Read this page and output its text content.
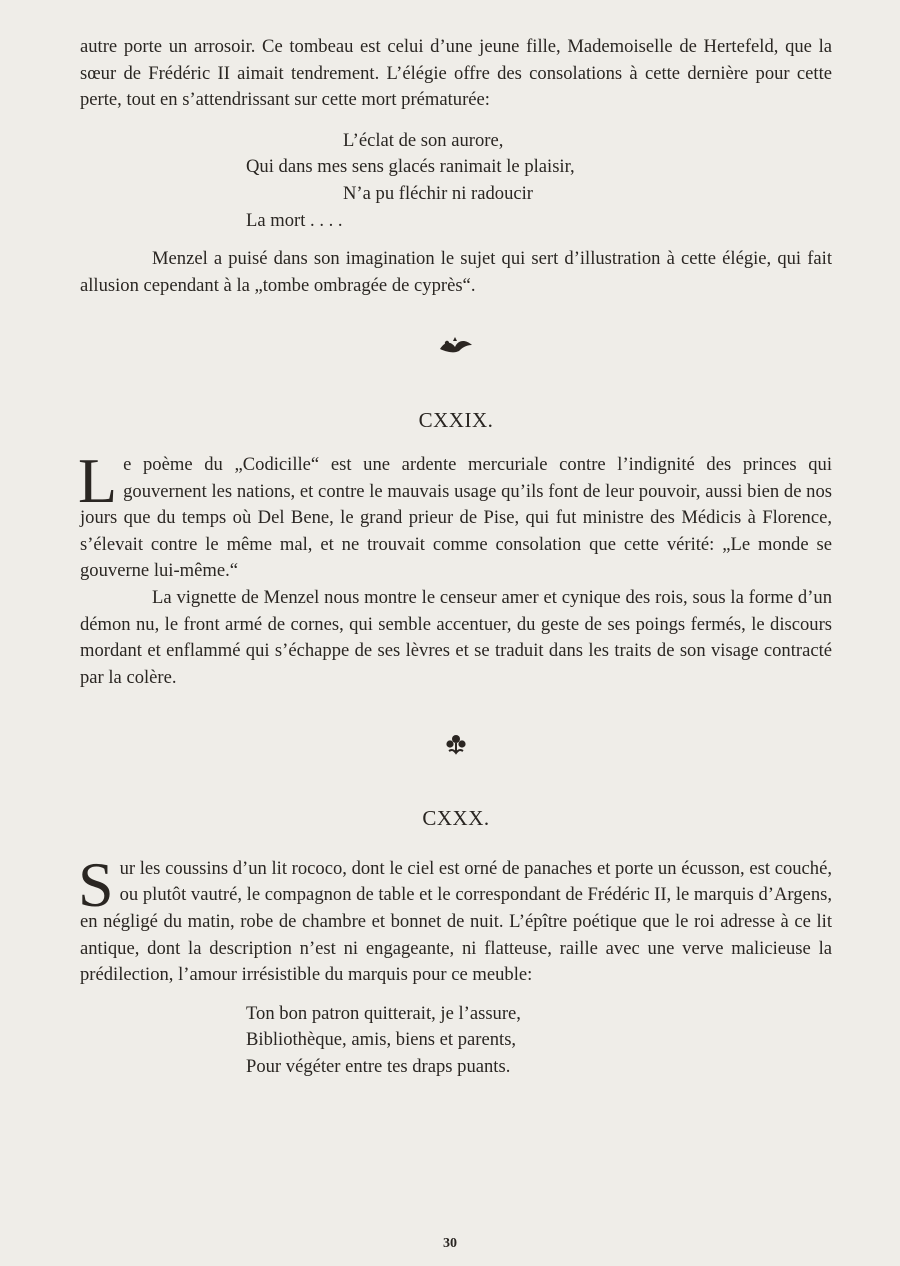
autre porte un arrosoir. Ce tombeau est celui d’une jeune fille, Mademoiselle de Hertefeld, que la sœur de Frédéric II aimait tendrement. L’élégie offre des consolations à cette dernière pour cette perte, tout en s’attendrissant sur cette mort prématurée:

L’éclat de son aurore,
Qui dans mes sens glacés ranimait le plaisir,
N’a pu fléchir ni radoucir
La mort . . . .

Menzel a puisé dans son imagination le sujet qui sert d’illustration à cette élégie, qui fait allusion cependant à la „tombe ombragée de cyprès“.

CXXIX.

Le poème du „Codicille“ est une ardente mercuriale contre l’indignité des princes qui gouvernent les nations, et contre le mauvais usage qu’ils font de leur pouvoir, aussi bien de nos jours que du temps où Del Bene, le grand prieur de Pise, qui fut ministre des Médicis à Florence, s’élevait contre le même mal, et ne trouvait comme consolation que cette vérité: „Le monde se gouverne lui-même.“

La vignette de Menzel nous montre le censeur amer et cynique des rois, sous la forme d’un démon nu, le front armé de cornes, qui semble accentuer, du geste de ses poings fermés, le discours mordant et enflammé qui s’échappe de ses lèvres et se traduit dans les traits de son visage contracté par la colère.

CXXX.

Sur les coussins d’un lit rococo, dont le ciel est orné de panaches et porte un écusson, est couché, ou plutôt vautré, le compagnon de table et le correspondant de Frédéric II, le marquis d’Argens, en négligé du matin, robe de chambre et bonnet de nuit. L’épître poétique que le roi adresse à ce lit antique, dont la description n’est ni engageante, ni flatteuse, raille avec une verve malicieuse la prédilection, l’amour irrésistible du marquis pour ce meuble:

Ton bon patron quitterait, je l’assure,
Bibliothèque, amis, biens et parents,
Pour végéter entre tes draps puants.
30
